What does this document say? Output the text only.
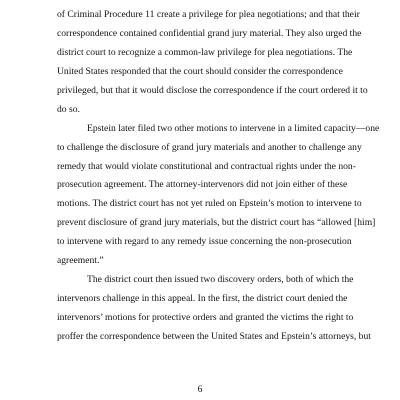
of Criminal Procedure 11 create a privilege for plea negotiations; and that their
correspondence contained confidential grand jury material. They also urged the
district court to recognize a common-law privilege for plea negotiations. The
United States responded that the court should consider the correspondence
privileged, but that it would disclose the correspondence if the court ordered it to
do so.
Epstein later filed two other motions to intervene in a limited capacity—one
to challenge the disclosure of grand jury materials and another to challenge any
remedy that would violate constitutional and contractual rights under the non-
prosecution agreement. The attorney-intervenors did not join either of these
motions. The district court has not yet ruled on Epstein’s motion to intervene to
prevent disclosure of grand jury materials, but the district court has “allowed [him]
to intervene with regard to any remedy issue concerning the non-prosecution
agreement.”
The district court then issued two discovery orders, both of which the
intervenors challenge in this appeal. In the first, the district court denied the
intervenors’ motions for protective orders and granted the victims the right to
proffer the correspondence between the United States and Epstein’s attorneys, but
6
